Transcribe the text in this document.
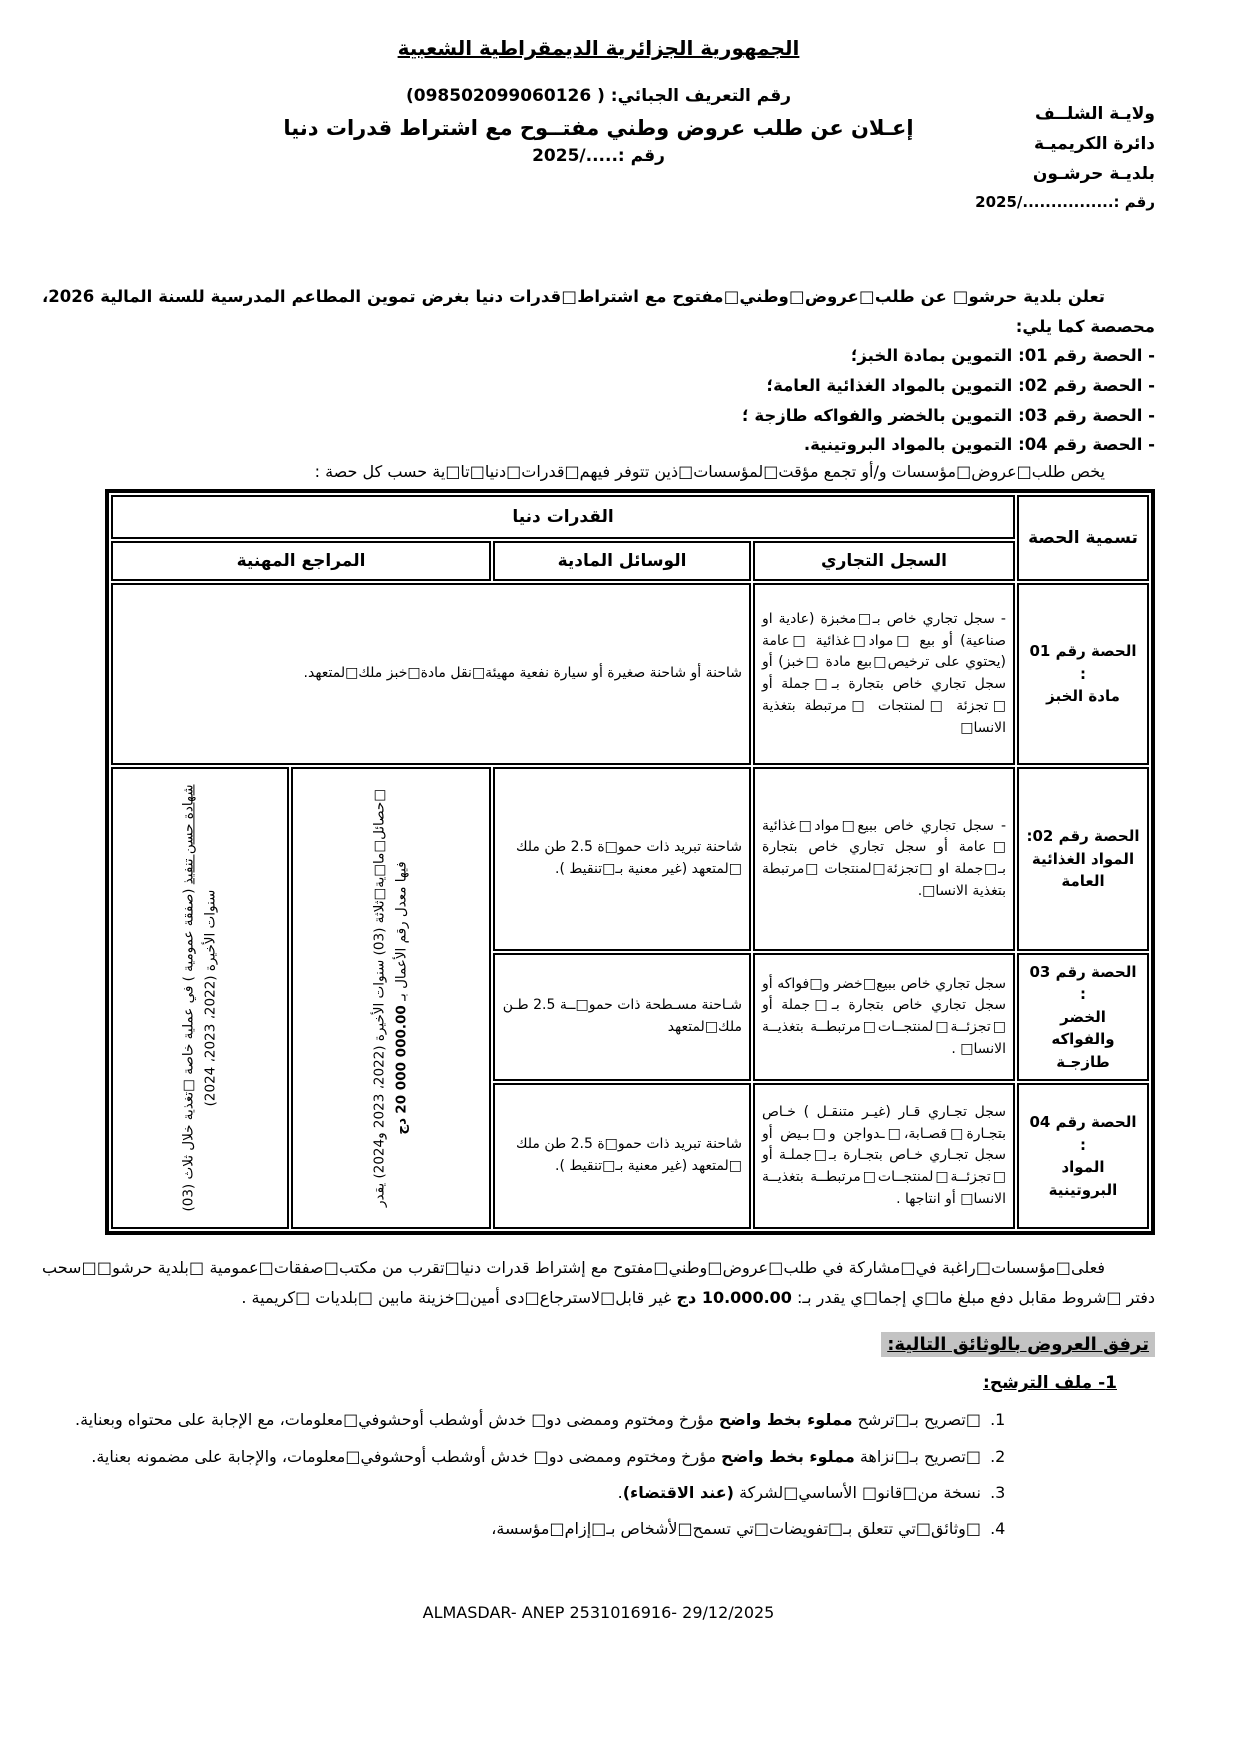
الجمهورية الجزائرية الديمقراطية الشعبية
ولايـة الشلــف
دائرة الكريميـة
بلديـة حرشـون
رقم :................/2025
رقم التعريف الجبائي: ( 098502099060126)
إعـلان عن طلب عروض وطني مفتــوح مع اشتراط قدرات دنيا
رقم :...../2025

تعلن بلدية حرشو□ عن طلب□عروض□وطني□مفتوح مع اشتراط□قدرات دنيا بغرض تموين المطاعم المدرسية للسنة المالية 2026، محصصة كما يلي:

- الحصة رقم 01: التموين بمادة الخبز؛
- الحصة رقم 02: التموين بالمواد الغذائية العامة؛
- الحصة رقم 03: التموين بالخضر والفواكه طازجة ؛
- الحصة رقم 04: التموين بالمواد البروتينية.

يخص طلب□عروض□مؤسسات و/أو تجمع مؤقت□لمؤسسات□ذين تتوفر فيهم□قدرات□دنيا□تا□ية حسب كل حصة :

تسمية الحصة	القدرات دنيا			
	السجل التجاري	الوسائل المادية	المراجع المهنية	

الحصة رقم 01 :
مادة الخبز	- سجل تجاري خاص بـ□مخبزة (عادية او صناعية) أو بيع □مواد□غذائية □عامة (يحتوي على ترخيص□بيع مادة □خبز) أو سجل تجاري خاص بتجارة بـ□جملة أو □تجزئة □لمنتجات □مرتبطة بتغذية الانسا□	شاحنة أو شاحنة صغيرة أو سيارة نفعية مهيئة□نقل مادة□خبز ملك□لمتعهد.		

الحصة رقم 02:
المواد الغذائية العامة	- سجل تجاري خاص ببيع□مواد□غذائية □عامة أو سجل تجاري خاص بتجارة بـ□جملة او □تجزئة□لمنتجات □مرتبطة بتغذية الانسا□.	شاحنة تبريد ذات حمو□ة 2.5 طن ملك □لمتعهد (غير معنية بـ□تنقيط ).	□حصائل□ما□ية□ثلاثة (03) سنوات الأخيرة (2022، 2023 و2024) يقدر فيها معدل رقم الأعمال بـ 20 000 000.00 دج	شهادة حسن تنفيذ (صفقة عمومية ) في عملية خاصة □تغذية خلال ثلاث (03) سنوات الأخيرة (2022، 2023، 2024)

الحصة رقم 03 :
الخضر والفواكه طازجـة	سجل تجاري خاص ببيع□خضر و□فواكه أو سجل تجاري خاص بتجارة بـ□جملة أو □تجزئــة□لمنتجــات□مرتبطــة بتغذيــة الانسا□ .	شـاحنة مسـطحة ذات حمو□ــة 2.5 طـن ملك□لمتعهد		

الحصة رقم 04 :
المواد البروتينية	سجل تجـاري قـار (غيـر متنقـل ) خـاص بتجـارة□قصـابة،□ـدواجن و□بـيض أو سجل تجـاري خـاص بتجـارة بـ□جملـة أو □تجزئــة□لمنتجــات□مرتبطــة بتغذيــة الانسا□ أو انتاجها .	شاحنة تبريد ذات حمو□ة 2.5 طن ملك □لمتعهد (غير معنية بـ□تنقيط ).		

فعلى□مؤسسات□راغبة في□مشاركة في طلب□عروض□وطني□مفتوح مع إشتراط قدرات دنيا□تقرب من مكتب□صفقات□عمومية □بلدية حرشو□□سحب دفتر □شروط مقابل دفع مبلغ ما□ي إجما□ي يقدر بـ: 10.000.00 دج غير قابل□لاسترجاع□دى أمين□خزينة مابين □بلديات □كريمية .

ترفق العروض بالوثائق التالية:
1- ملف الترشح:
1. □تصريح بـ□ترشح مملوء بخط واضح مؤرخ ومختوم وممضى دو□ خدش أوشطب أوحشوفي□معلومات، مع الإجابة على محتواه وبعناية.
2. □تصريح بـ□نزاهة مملوء بخط واضح مؤرخ ومختوم وممضى دو□ خدش أوشطب أوحشوفي□معلومات، والإجابة على مضمونه بعناية.
3. نسخة من□قانو□ الأساسي□لشركة (عند الاقتضاء).
4. □وثائق□تي تتعلق بـ□تفويضات□تي تسمح□لأشخاص بـ□إزام□مؤسسة،
ALMASDAR- ANEP 2531016916- 29/12/2025
